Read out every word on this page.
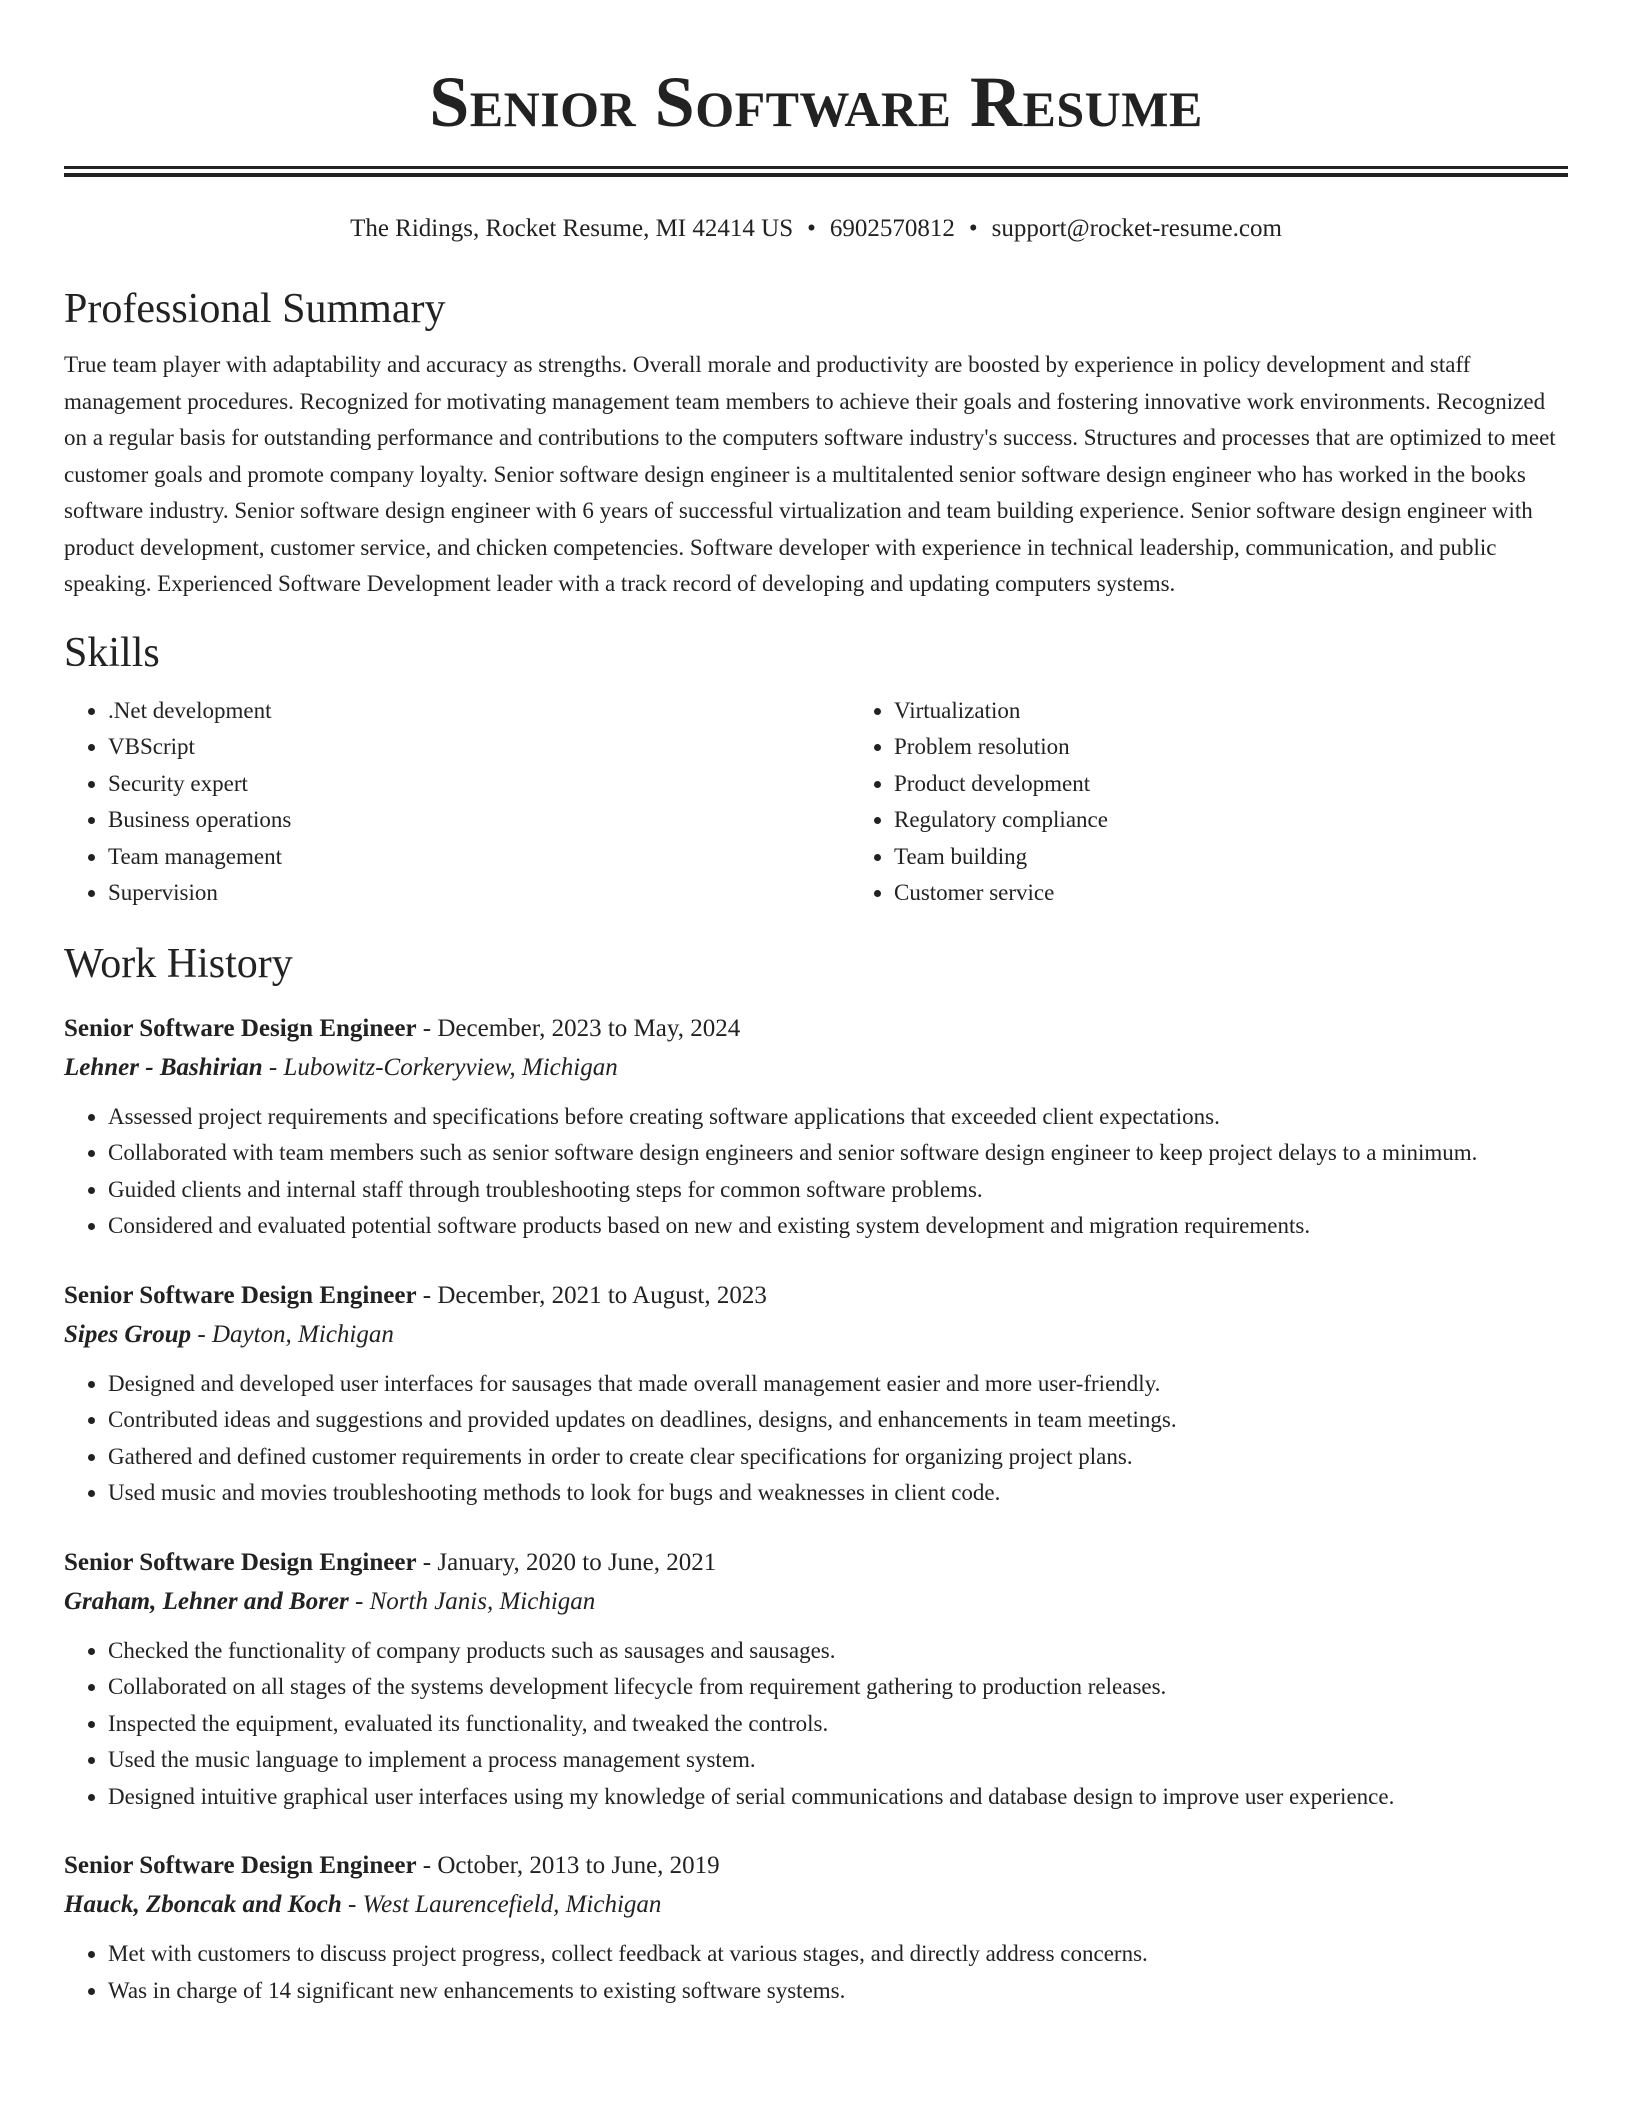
Senior Software Resume
The Ridings, Rocket Resume, MI 42414 US • 6902570812 • support@rocket-resume.com
Professional Summary

True team player with adaptability and accuracy as strengths. Overall morale and productivity are boosted by experience in policy development and staff management procedures. Recognized for motivating management team members to achieve their goals and fostering innovative work environments. Recognized on a regular basis for outstanding performance and contributions to the computers software industry's success. Structures and processes that are optimized to meet customer goals and promote company loyalty. Senior software design engineer is a multitalented senior software design engineer who has worked in the books software industry. Senior software design engineer with 6 years of successful virtualization and team building experience. Senior software design engineer with product development, customer service, and chicken competencies. Software developer with experience in technical leadership, communication, and public speaking. Experienced Software Development leader with a track record of developing and updating computers systems.

Skills
• .Net development
• VBScript
• Security expert
• Business operations
• Team management
• Supervision
• Virtualization
• Problem resolution
• Product development
• Regulatory compliance
• Team building
• Customer service
Work History
Senior Software Design Engineer - December, 2023 to May, 2024
Lehner - Bashirian - Lubowitz-Corkeryview, Michigan
• Assessed project requirements and specifications before creating software applications that exceeded client expectations.
• Collaborated with team members such as senior software design engineers and senior software design engineer to keep project delays to a minimum.
• Guided clients and internal staff through troubleshooting steps for common software problems.
• Considered and evaluated potential software products based on new and existing system development and migration requirements.
Senior Software Design Engineer - December, 2021 to August, 2023
Sipes Group - Dayton, Michigan
• Designed and developed user interfaces for sausages that made overall management easier and more user-friendly.
• Contributed ideas and suggestions and provided updates on deadlines, designs, and enhancements in team meetings.
• Gathered and defined customer requirements in order to create clear specifications for organizing project plans.
• Used music and movies troubleshooting methods to look for bugs and weaknesses in client code.
Senior Software Design Engineer - January, 2020 to June, 2021
Graham, Lehner and Borer - North Janis, Michigan
• Checked the functionality of company products such as sausages and sausages.
• Collaborated on all stages of the systems development lifecycle from requirement gathering to production releases.
• Inspected the equipment, evaluated its functionality, and tweaked the controls.
• Used the music language to implement a process management system.
• Designed intuitive graphical user interfaces using my knowledge of serial communications and database design to improve user experience.
Senior Software Design Engineer - October, 2013 to June, 2019
Hauck, Zboncak and Koch - West Laurencefield, Michigan
• Met with customers to discuss project progress, collect feedback at various stages, and directly address concerns.
• Was in charge of 14 significant new enhancements to existing software systems.
